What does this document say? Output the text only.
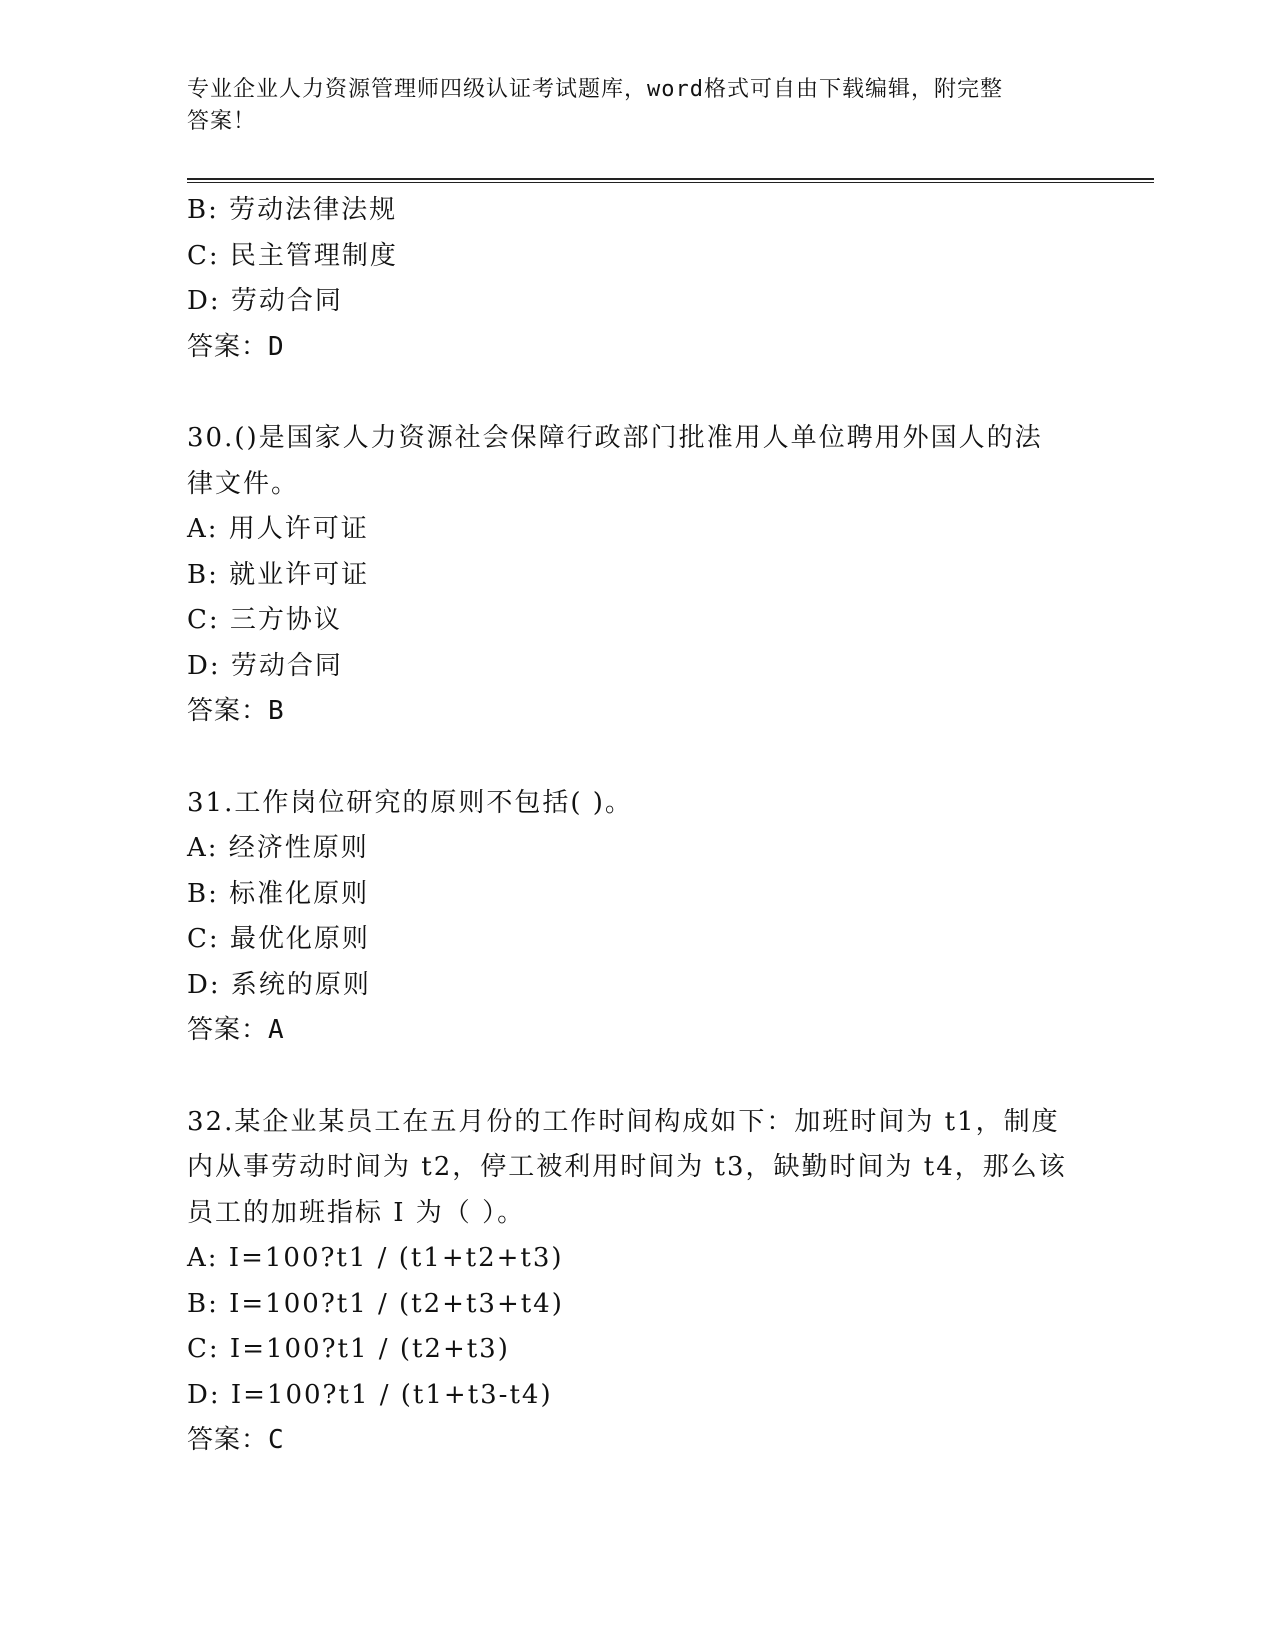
专业企业人力资源管理师四级认证考试题库，word格式可自由下载编辑，附完整
答案！
B: 劳动法律法规
C: 民主管理制度
D: 劳动合同
答案：D
30.()是国家人力资源社会保障行政部门批准用人单位聘用外国人的法
律文件。
A: 用人许可证
B: 就业许可证
C: 三方协议
D: 劳动合同
答案：B
31.工作岗位研究的原则不包括( )。
A: 经济性原则
B: 标准化原则
C: 最优化原则
D: 系统的原则
答案：A
32.某企业某员工在五月份的工作时间构成如下：加班时间为 t1，制度
内从事劳动时间为 t2，停工被利用时间为 t3，缺勤时间为 t4，那么该
员工的加班指标 I 为（ ）。
A: I=100?t1 / (t1+t2+t3)
B: I=100?t1 / (t2+t3+t4)
C: I=100?t1 / (t2+t3)
D: I=100?t1 / (t1+t3-t4)
答案：C
